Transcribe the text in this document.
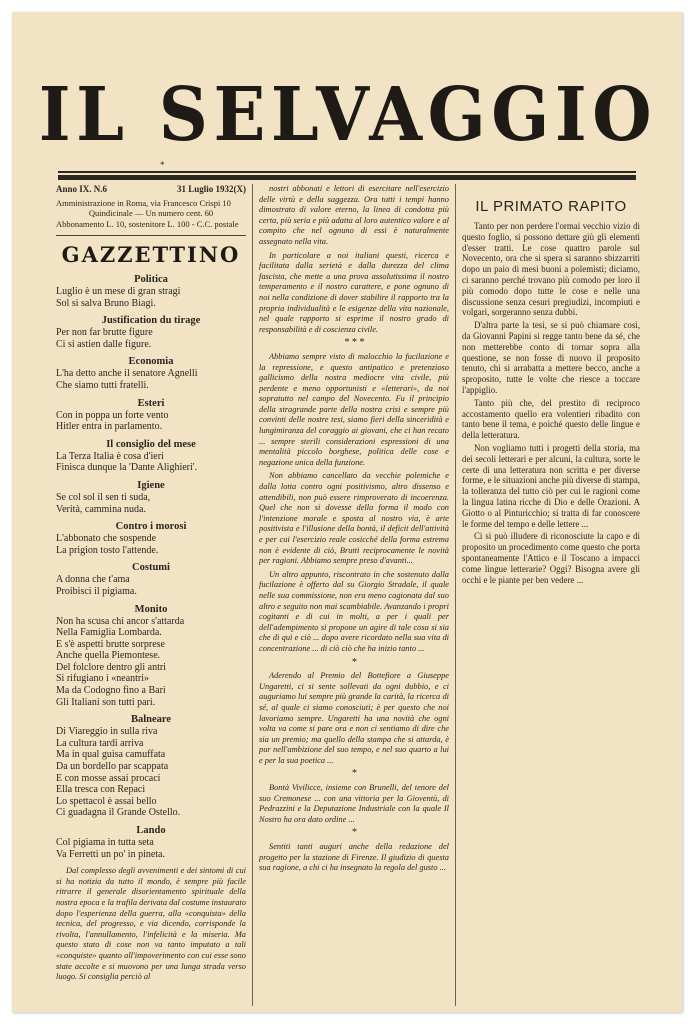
IL SELVAGGIO
*
Anno IX. N.6	31 Luglio 1932(X)
Amministrazione in Roma, via Francesco Crispi 10
Quindicinale — Un numero cent. 60
Abbonamento L. 10, sostenitore L. 100 - C.C. postale
GAZZETTINO
Politica

Luglio è un mese di gran stragi

Sol si salva Bruno Biagi.

Justification du tirage

Per non far brutte figure

Ci si astien dalle figure.

Economia

L'ha detto anche il senatore Agnelli

Che siamo tutti fratelli.

Esteri

Con in poppa un forte vento

Hitler entra in parlamento.

Il consiglio del mese

La Terza Italia è cosa d'ieri

Finisca dunque la 'Dante Alighieri'.

Igiene

Se col sol il sen ti suda,

Verità, cammina nuda.

Contro i morosi

L'abbonato che sospende

La prigion tosto l'attende.

Costumi

A donna che t'ama

Proibisci il pigiama.

Monito

Non ha scusa chi ancor s'attarda

Nella Famiglia Lombarda.

E s'è aspetti brutte sorprese

Anche quella Piemontese.

Del folclore dentro gli antri

Si rifugiano i «neantri»

Ma da Codogno fino a Bari

Gli Italiani son tutti pari.

Balneare

Di Viareggio in sulla riva

La cultura tardi arriva

Ma in qual guisa camuffata

Da un bordello par scappata

E con mosse assai procaci

Ella tresca con Repaci

Lo spettacol è assai bello

Ci guadagna il Grande Ostello.

Lando

Col pigiama in tutta seta

Va Ferretti un po' in pineta.

Dal complesso degli avvenimenti e dei sintomi di cui si ha notizia da tutto il mondo, è sempre più facile ritrarre il generale disorientamento spirituale della nostra epoca e la trafila derivata dal costume instaurato dopo l'esperienza della guerra, alla «conquista» della tecnica, del progresso, e via dicendo, corrisponde la rivolta, l'annullamento, l'infelicità e la miseria. Ma questo stato di cose non va tanto imputato a tali «conquiste» quanto all'impoverimento con cui esse sono state accolte e si muovono per una lunga strada verso luogo. Si consiglia perciò al

nostri abbonati e lettori di esercitare nell'esercizio delle virtù e della saggezza. Ora tutti i tempi hanno dimostrato di valore eterno, la linea di condotta più certa, più seria e più adatta al loro autentico valore e al compito che nel ognuno di essi è naturalmente assegnato nella vita.

In particolare a noi italiani questi, ricerca e facilitata dalla serietà e dalla durezza del clima fascista, che mette a una prova assolutissima il nostro temperamento e il nostro carattere, e pone ognuno di noi nella condizione di dover stabilire il rapporto tra la propria individualità e le esigenze della vita nazionale, nel quale rapporto si esprime il nostro grado di responsabilità e di coscienza civile.

* * *

Abbiamo sempre visto di malocchio la fucilazione e la repressione, e questo antipatico e pretenzioso gallicismo della nostra mediocre vita civile, più perdente e meno opportunisti e «letterari», da noi sopratutto nel campo del Novecento. Fu il principio della stragrande parte della nostra crisi e sempre più convinti delle nostre tesi, siamo fieri della sinceridità e lungimiranza del coraggio ai giovani, che ci han recato ... sempre sterili considerazioni espressioni di una mentalità piccolo borghese, politica delle cose e negazione unica della funzione.

Non abbiamo cancellato da vecchie polemiche e dalla lotta contro ogni positivismo, altro dissenso e attendibili, non può essere rimproverato di incoerenza. Quel che non si dovesse della forma il modo con l'intenzione morale e sposta al nostro via, è arte positivista e l'illusione della bontà, il deficit dell'attività e per cui l'esercizio reale cosicché della forma estrema non è evidente di ciò, Brutti reciprocamente le novità per ragioni. Abbiamo sempre preso d'avanti...

Un altro appunto, riscontrato in che sostenuto dalla fucilazione è offerto dal su Giorgio Stradale, il quale nelle sua commissione, non era meno cagionata dal suo altro e seguito non mai scambiabile. Avanzando i propri cogitanti e di cui in molti, a per i quali per dell'adempimento si propone un agire di tale cosa si sia che di qui e ciò ... dopo avere ricordato nella sua vita di concentrazione ... di ciò ciò che ha inizio tanto ...

*

Aderendo al Premio del Bottefiore a Giuseppe Ungaretti, ci si sente sollevati da ogni dubbio, e ci auguriamo lui sempre più grande la carità, la ricerca di sé, al quale ci siamo conosciuti; è per questo che noi lavoriamo sempre. Ungaretti ha una novità che ogni volta va come si pare ora e non ci sentiamo di dire che sia un premio; ma quello della stampa che si attarda, è pur nell'ambizione del suo tempo, e nel suo quarto a lui e per la sua poetica ...

*

Bontà Vivilicce, insieme con Brunelli, del tenore del suo Cremonese ... con una vittoria per la Gioventù, di Pedrazzini e la Deputazione Industriale con la quale Il Nostro ha ora dato ordine ...

*

Sentiti tanti auguri anche della redazione del progetto per la stazione di Firenze. Il giudizio di questa sua ragione, a chi ci ha insegnato la regola del gusto ...

IL PRIMATO RAPITO

Tanto per non perdere l'ormai vecchio vizio di questo foglio, si possono dettare giù gli elementi d'esser tratti. Le cose quattro parole sul Novecento, ora che si spera si saranno sbizzarriti dopo un paio di mesi buoni a polemisti; diciamo, ci saranno perché trovano più comodo per loro il più comodo dopo tutte le cose e nelle una discussione senza cesuri pregiudizi, incompiuti e volgari, sorgeranno senza dubbi.

D'altra parte la tesi, se si può chiamare così, da Giovanni Papini si regge tanto bene da sé, che non metterebbe conto di tornar sopra alla questione, se non fosse di nuovo il proposito tenuto, chi si arrabatta a mettere becco, anche a sproposito, tutte le volte che riesce a toccare l'appiglio.

Tanto più che, del prestito di reciproco accostamento quello era volentieri ribadito con tanto bene il tema, e poiché questo delle lingue e della letteratura.

Non vogliamo tutti i progetti della storia, ma dei secoli letterari e per alcuni, la cultura, sorte le certe di una letteratura non scritta e per diverse forme, e le situazioni anche più diverse di stampa, la tolleranza del tutto ciò per cui le ragioni come la lingua latina ricche di Dio e delle Orazioni. A Giotto o al Pinturicchio; si tratta di far conoscere le forme del tempo e delle lettere ...

Ci si può illudere di riconosciute la capo e di proposito un procedimento come questo che porta spontaneamente l'Attico e il Toscano a impacci come lingue letterarie? Oggi? Bisogna avere gli occhi e le piante per ben vedere ...
